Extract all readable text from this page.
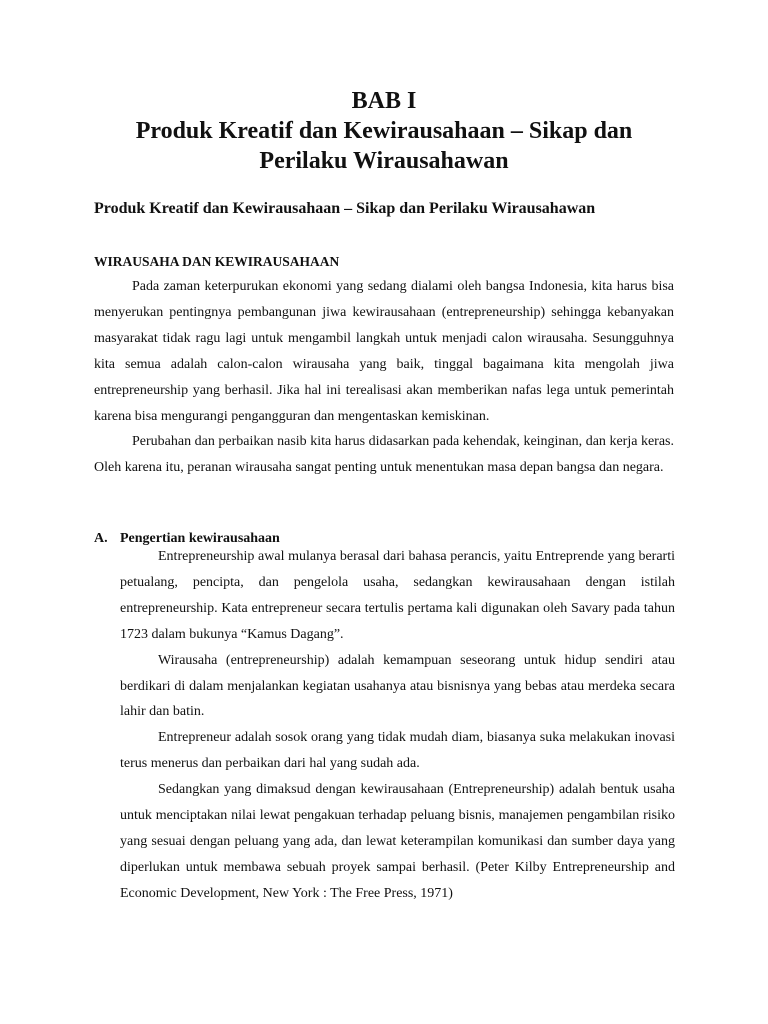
BAB I
Produk Kreatif dan Kewirausahaan – Sikap dan
Perilaku Wirausahawan
Produk Kreatif dan Kewirausahaan – Sikap dan Perilaku Wirausahawan
WIRAUSAHA DAN KEWIRAUSAHAAN

Pada zaman keterpurukan ekonomi yang sedang dialami oleh bangsa Indonesia, kita harus bisa menyerukan pentingnya pembangunan jiwa kewirausahaan (entrepreneurship) sehingga kebanyakan masyarakat tidak ragu lagi untuk mengambil langkah untuk menjadi calon wirausaha. Sesungguhnya kita semua adalah calon-calon wirausaha yang baik, tinggal bagaimana kita mengolah jiwa entrepreneurship yang berhasil. Jika hal ini terealisasi akan memberikan nafas lega untuk pemerintah karena bisa mengurangi pengangguran dan mengentaskan kemiskinan.

Perubahan dan perbaikan nasib kita harus didasarkan pada kehendak, keinginan, dan kerja keras. Oleh karena itu, peranan wirausaha sangat penting untuk menentukan masa depan bangsa dan negara.

A. Pengertian kewirausahaan

Entrepreneurship awal mulanya berasal dari bahasa perancis, yaitu Entreprende yang berarti petualang, pencipta, dan pengelola usaha, sedangkan kewirausahaan dengan istilah entrepreneurship. Kata entrepreneur secara tertulis pertama kali digunakan oleh Savary pada tahun 1723 dalam bukunya “Kamus Dagang”.

Wirausaha (entrepreneurship) adalah kemampuan seseorang untuk hidup sendiri atau berdikari di dalam menjalankan kegiatan usahanya atau bisnisnya yang bebas atau merdeka secara lahir dan batin.

Entrepreneur adalah sosok orang yang tidak mudah diam, biasanya suka melakukan inovasi terus menerus dan perbaikan dari hal yang sudah ada.

Sedangkan yang dimaksud dengan kewirausahaan (Entrepreneurship) adalah bentuk usaha untuk menciptakan nilai lewat pengakuan terhadap peluang bisnis, manajemen pengambilan risiko yang sesuai dengan peluang yang ada, dan lewat keterampilan komunikasi dan sumber daya yang diperlukan untuk membawa sebuah proyek sampai berhasil. (Peter Kilby Entrepreneurship and Economic Development, New York : The Free Press, 1971)
